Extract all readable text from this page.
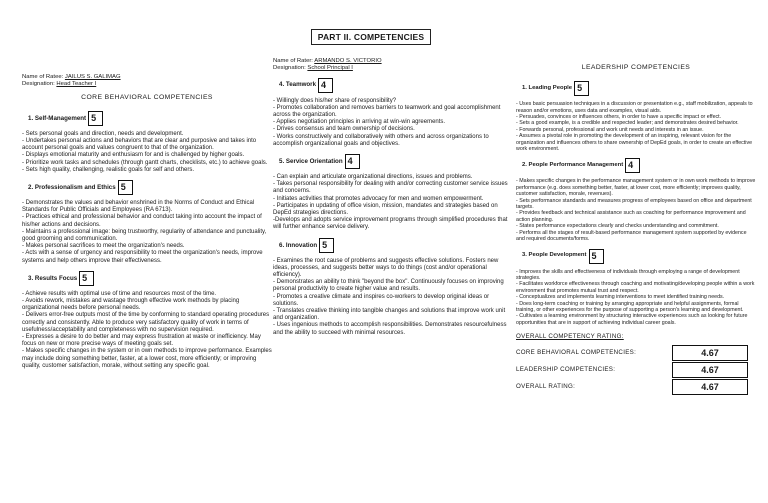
PART II. COMPETENCIES
Name of Ratee: JAILUS S. GALIMAG
Designation: Head Teacher I
CORE BEHAVIORAL COMPETENCIES
1. Self-Management 5

- Sets personal goals and direction, needs and development.

- Undertakes personal actions and behaviors that are clear and purposive and takes into account personal goals and values congruent to that of the organization.

- Displays emotional maturity and enthusiasm for and is challenged by higher goals.

- Prioritize work tasks and schedules (through gantt charts, checklists, etc.) to achieve goals.

- Sets high quality, challenging, realistic goals for self and others.

2. Professionalism and Ethics 5

- Demonstrates the values and behavior enshrined in the Norms of Conduct and Ethical Standards for Public Officials and Employees (RA 6713).

- Practices ethical and professional behavior and conduct taking into account the impact of his/her actions and decisions.

- Maintains a professional image: being trustworthy, regularity of attendance and punctuality, good grooming and communication.

- Makes personal sacrifices to meet the organization's needs.

- Acts with a sense of urgency and responsibility to meet the organization's needs, improve systems and help others improve their effectiveness.

3. Results Focus 5

- Achieve results with optimal use of time and resources most of the time.

- Avoids rework, mistakes and wastage through effective work methods by placing organizational needs before personal needs.

- Delivers error-free outputs most of the time by conforming to standard operating procedures correctly and consistently. Able to produce very satisfactory quality of work in terms of usefulness/acceptability and completeness with no supervision required.

- Expresses a desire to do better and may express frustration at waste or inefficiency. May focus on new or more precise ways of meeting goals set.

- Makes specific changes in the system or in own methods to improve performance. Examples may include doing something better, faster, at a lower cost, more efficiently; or improving quality, customer satisfaction, morale, without setting any specific goal.

Name of Rater: ARMANDO S. VICTORIO
Designation: School Principal I
4. Teamwork 4

- Willingly does his/her share of responsibility?

- Promotes collaboration and removes barriers to teamwork and goal accomplishment across the organization.

- Applies negotiation principles in arriving at win-win agreements.

- Drives consensus and team ownership of decisions.

- Works constructively and collaboratively with others and across organizations to accomplish organizational goals and objectives.

5. Service Orientation 4

- Can explain and articulate organizational directions, issues and problems.

- Takes personal responsibility for dealing with and/or correcting customer service issues and concerns.

- Initiates activities that promotes advocacy for men and women empowerment.

- Participates in updating of office vision, mission, mandates and strategies based on DepEd strategies directions.

-Develops and adopts service improvement programs through simplified procedures that will further enhance service delivery.

6. Innovation 5

- Examines the root cause of problems and suggests effective solutions. Fosters new ideas, processes, and suggests better ways to do things (cost and/or operational efficiency).

- Demonstrates an ability to think "beyond the box". Continuously focuses on improving personal productivity to create higher value and results.

- Promotes a creative climate and inspires co-workers to develop original ideas or solutions.

- Translates creative thinking into tangible changes and solutions that improve work unit and organization.

- Uses ingenious methods to accomplish responsibilities. Demonstrates resourcefulness and the ability to succeed with minimal resources.

LEADERSHIP COMPETENCIES
1. Leading People 5

- Uses basic persuasion techniques in a discussion or presentation e.g., staff mobilization, appeals to reason and/or emotions, uses data and examples, visual aids.

- Persuades, convinces or influences others, in order to have a specific impact or effect.

- Sets a good example, is a credible and respected leader; and demonstrates desired behavior.

- Forwards personal, professional and work unit needs and interests in an issue.

- Assumes a pivotal role in promoting the development of an inspiring, relevant vision for the organization and influences others to share ownership of DepEd goals, in order to create an effective work environment.

2. People Performance Management 4

- Makes specific changes in the performance management system or in own work methods to improve performance (e.g. does something better, faster, at lower cost, more efficiently; improves quality, customer satisfaction, morale, revenues).

- Sets performance standards and measures progress of employees based on office and department targets.

- Provides feedback and technical assistance such as coaching for performance improvement and action planning.

- States performance expectations clearly and checks understanding and commitment.

- Performs all the stages of result-based performance management system supported by evidence and required documents/forms.

3. People Development 5

- Improves the skills and effectiveness of individuals through employing a range of development strategies.

- Facilitates workforce effectiveness through coaching and motivating/developing people within a work environment that promotes mutual trust and respect.

- Conceptualizes and implements learning interventions to meet identified training needs.

- Does long-term coaching or training by arranging appropriate and helpful assignments, formal training, or other experiences for the purpose of supporting a person's learning and development.

- Cultivates a learning environment by structuring interactive experiences such as looking for future opportunities that are in support of achieving individual career goals.

OVERALL COMPETENCY RATING:
CORE BEHAVIORAL COMPETENCIES:	4.67
LEADERSHIP COMPETENCIES:	4.67
OVERALL RATING:	4.67
